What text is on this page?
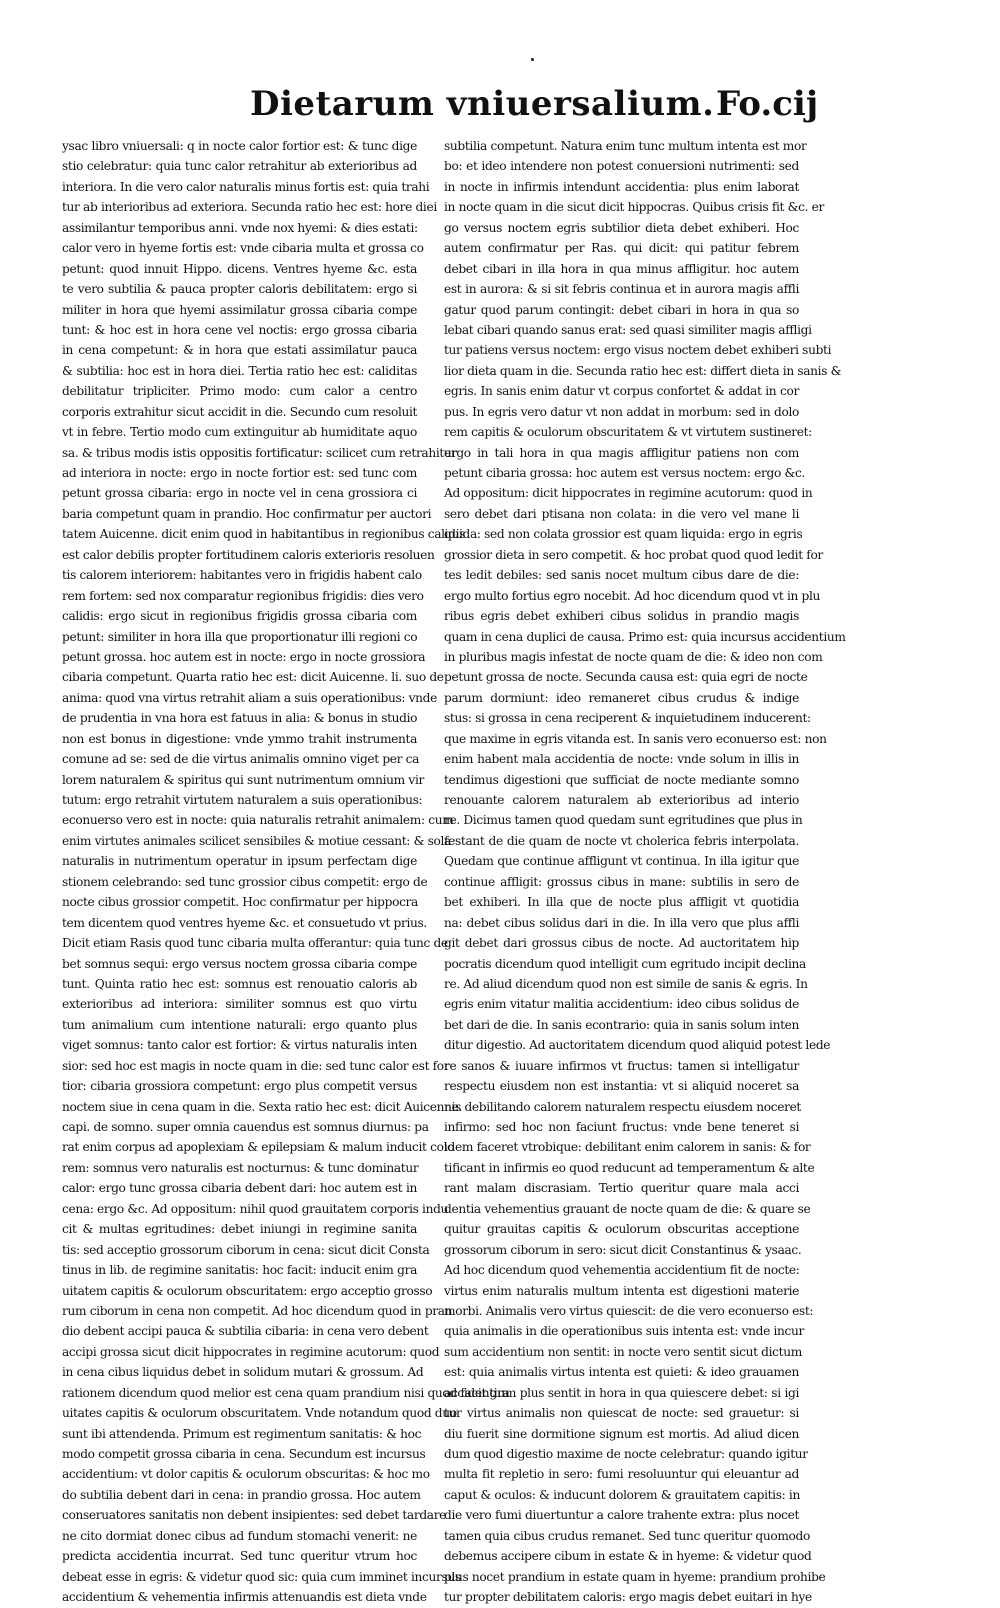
Dietarum vniuersalium. Fo.cij
ysac libro vniuersali: q in nocte calor fortior est: & tunc dige
stio celebratur: quia tunc calor retrahitur ab exterioribus ad
interiora. In die vero calor naturalis minus fortis est: quia trahi
tur ab interioribus ad exteriora. Secunda ratio hec est: hore diei
assimilantur temporibus anni. vnde nox hyemi: & dies estati:
calor vero in hyeme fortis est: vnde cibaria multa et grossa co
petunt: quod innuit Hippo. dicens. Ventres hyeme &c. esta
te vero subtilia & pauca propter caloris debilitatem: ergo si
militer in hora que hyemi assimilatur grossa cibaria compe
tunt: & hoc est in hora cene vel noctis: ergo grossa cibaria
in cena competunt: & in hora que estati assimilatur pauca
& subtilia: hoc est in hora diei. Tertia ratio hec est: caliditas
debilitatur tripliciter. Primo modo: cum calor a centro
corporis extrahitur sicut accidit in die. Secundo cum resoluit
vt in febre. Tertio modo cum extinguitur ab humiditate aquo
sa. & tribus modis istis oppositis fortificatur: scilicet cum retrahitur
ad interiora in nocte: ergo in nocte fortior est: sed tunc com
petunt grossa cibaria: ergo in nocte vel in cena grossiora ci
baria competunt quam in prandio. Hoc confirmatur per auctori
tatem Auicenne. dicit enim quod in habitantibus in regionibus calidis
est calor debilis propter fortitudinem caloris exterioris resoluen
tis calorem interiorem: habitantes vero in frigidis habent calo
rem fortem: sed nox comparatur regionibus frigidis: dies vero
calidis: ergo sicut in regionibus frigidis grossa cibaria com
petunt: similiter in hora illa que proportionatur illi regioni co
petunt grossa. hoc autem est in nocte: ergo in nocte grossiora
cibaria competunt. Quarta ratio hec est: dicit Auicenne. li. suo de
anima: quod vna virtus retrahit aliam a suis operationibus: vnde
de prudentia in vna hora est fatuus in alia: & bonus in studio
non est bonus in digestione: vnde ymmo trahit instrumenta
comune ad se: sed de die virtus animalis omnino viget per ca
lorem naturalem & spiritus qui sunt nutrimentum omnium vir
tutum: ergo retrahit virtutem naturalem a suis operationibus:
econuerso vero est in nocte: quia naturalis retrahit animalem: cum
enim virtutes animales scilicet sensibiles & motiue cessant: & sola
naturalis in nutrimentum operatur in ipsum perfectam dige
stionem celebrando: sed tunc grossior cibus competit: ergo de
nocte cibus grossior competit. Hoc confirmatur per hippocra
tem dicentem quod ventres hyeme &c. et consuetudo vt prius.
Dicit etiam Rasis quod tunc cibaria multa offerantur: quia tunc de
bet somnus sequi: ergo versus noctem grossa cibaria compe
tunt. Quinta ratio hec est: somnus est renouatio caloris ab
exterioribus ad interiora: similiter somnus est quo virtu
tum animalium cum intentione naturali: ergo quanto plus
viget somnus: tanto calor est fortior: & virtus naturalis inten
sior: sed hoc est magis in nocte quam in die: sed tunc calor est for
tior: cibaria grossiora competunt: ergo plus competit versus
noctem siue in cena quam in die. Sexta ratio hec est: dicit Auicenne.
capi. de somno. super omnia cauendus est somnus diurnus: pa
rat enim corpus ad apoplexiam & epilepsiam & malum inducit colo
rem: somnus vero naturalis est nocturnus: & tunc dominatur
calor: ergo tunc grossa cibaria debent dari: hoc autem est in
cena: ergo &c. Ad oppositum: nihil quod grauitatem corporis indu
cit & multas egritudines: debet iniungi in regimine sanita
tis: sed acceptio grossorum ciborum in cena: sicut dicit Consta
tinus in lib. de regimine sanitatis: hoc facit: inducit enim gra
uitatem capitis & oculorum obscuritatem: ergo acceptio grosso
rum ciborum in cena non competit. Ad hoc dicendum quod in pran
dio debent accipi pauca & subtilia cibaria: in cena vero debent
accipi grossa sicut dicit hippocrates in regimine acutorum: quod
in cena cibus liquidus debet in solidum mutari & grossum. Ad
rationem dicendum quod melior est cena quam prandium nisi quod facit gra
uitates capitis & oculorum obscuritatem. Vnde notandum quod duo
sunt ibi attendenda. Primum est regimentum sanitatis: & hoc
modo competit grossa cibaria in cena. Secundum est incursus
accidentium: vt dolor capitis & oculorum obscuritas: & hoc mo
do subtilia debent dari in cena: in prandio grossa. Hoc autem
conseruatores sanitatis non debent insipientes: sed debet tardare
ne cito dormiat donec cibus ad fundum stomachi venerit: ne
predicta accidentia incurrat. Sed tunc queritur vtrum hoc
debeat esse in egris: & videtur quod sic: quia cum imminet incursus
accidentium & vehementia infirmis attenuandis est dieta vnde
subtilia competunt. Natura enim tunc multum intenta est mor
bo: et ideo intendere non potest conuersioni nutrimenti: sed
in nocte in infirmis intendunt accidentia: plus enim laborat
in nocte quam in die sicut dicit hippocras. Quibus crisis fit &c. er
go versus noctem egris subtilior dieta debet exhiberi. Hoc
autem confirmatur per Ras. qui dicit: qui patitur febrem
debet cibari in illa hora in qua minus affligitur. hoc autem
est in aurora: & si sit febris continua et in aurora magis affli
gatur quod parum contingit: debet cibari in hora in qua so
lebat cibari quando sanus erat: sed quasi similiter magis affligi
tur patiens versus noctem: ergo visus noctem debet exhiberi subti
lior dieta quam in die. Secunda ratio hec est: differt dieta in sanis &
egris. In sanis enim datur vt corpus confortet & addat in cor
pus. In egris vero datur vt non addat in morbum: sed in dolo
rem capitis & oculorum obscuritatem & vt virtutem sustineret:
ergo in tali hora in qua magis affligitur patiens non com
petunt cibaria grossa: hoc autem est versus noctem: ergo &c.
Ad oppositum: dicit hippocrates in regimine acutorum: quod in
sero debet dari ptisana non colata: in die vero vel mane li
quida: sed non colata grossior est quam liquida: ergo in egris
grossior dieta in sero competit. & hoc probat quod quod ledit for
tes ledit debiles: sed sanis nocet multum cibus dare de die:
ergo multo fortius egro nocebit. Ad hoc dicendum quod vt in plu
ribus egris debet exhiberi cibus solidus in prandio magis
quam in cena duplici de causa. Primo est: quia incursus accidentium
in pluribus magis infestat de nocte quam de die: & ideo non com
petunt grossa de nocte. Secunda causa est: quia egri de nocte
parum dormiunt: ideo remaneret cibus crudus & indige
stus: si grossa in cena reciperent & inquietudinem inducerent:
que maxime in egris vitanda est. In sanis vero econuerso est: non
enim habent mala accidentia de nocte: vnde solum in illis in
tendimus digestioni que sufficiat de nocte mediante somno
renouante calorem naturalem ab exterioribus ad interio
re. Dicimus tamen quod quedam sunt egritudines que plus in
festant de die quam de nocte vt cholerica febris interpolata.
Quedam que continue affligunt vt continua. In illa igitur que
continue affligit: grossus cibus in mane: subtilis in sero de
bet exhiberi. In illa que de nocte plus affligit vt quotidia
na: debet cibus solidus dari in die. In illa vero que plus affli
git debet dari grossus cibus de nocte. Ad auctoritatem hip
pocratis dicendum quod intelligit cum egritudo incipit declina
re. Ad aliud dicendum quod non est simile de sanis & egris. In
egris enim vitatur malitia accidentium: ideo cibus solidus de
bet dari de die. In sanis econtrario: quia in sanis solum inten
ditur digestio. Ad auctoritatem dicendum quod aliquid potest lede
re sanos & iuuare infirmos vt fructus: tamen si intelligatur
respectu eiusdem non est instantia: vt si aliquid noceret sa
nis debilitando calorem naturalem respectu eiusdem noceret
infirmo: sed hoc non faciunt fructus: vnde bene teneret si
idem faceret vtrobique: debilitant enim calorem in sanis: & for
tificant in infirmis eo quod reducunt ad temperamentum & alte
rant malam discrasiam. Tertio queritur quare mala acci
dentia vehementius grauant de nocte quam de die: & quare se
quitur grauitas capitis & oculorum obscuritas acceptione
grossorum ciborum in sero: sicut dicit Constantinus & ysaac.
Ad hoc dicendum quod vehementia accidentium fit de nocte:
virtus enim naturalis multum intenta est digestioni materie
morbi. Animalis vero virtus quiescit: de die vero econuerso est:
quia animalis in die operationibus suis intenta est: vnde incur
sum accidentium non sentit: in nocte vero sentit sicut dictum
est: quia animalis virtus intenta est quieti: & ideo grauamen
accidentium plus sentit in hora in qua quiescere debet: si igi
tur virtus animalis non quiescat de nocte: sed grauetur: si
diu fuerit sine dormitione signum est mortis. Ad aliud dicen
dum quod digestio maxime de nocte celebratur: quando igitur
multa fit repletio in sero: fumi resoluuntur qui eleuantur ad
caput & oculos: & inducunt dolorem & grauitatem capitis: in
die vero fumi diuertuntur a calore trahente extra: plus nocet
tamen quia cibus crudus remanet. Sed tunc queritur quomodo
debemus accipere cibum in estate & in hyeme: & videtur quod
plus nocet prandium in estate quam in hyeme: prandium prohibe
tur propter debilitatem caloris: ergo magis debet euitari in hye
